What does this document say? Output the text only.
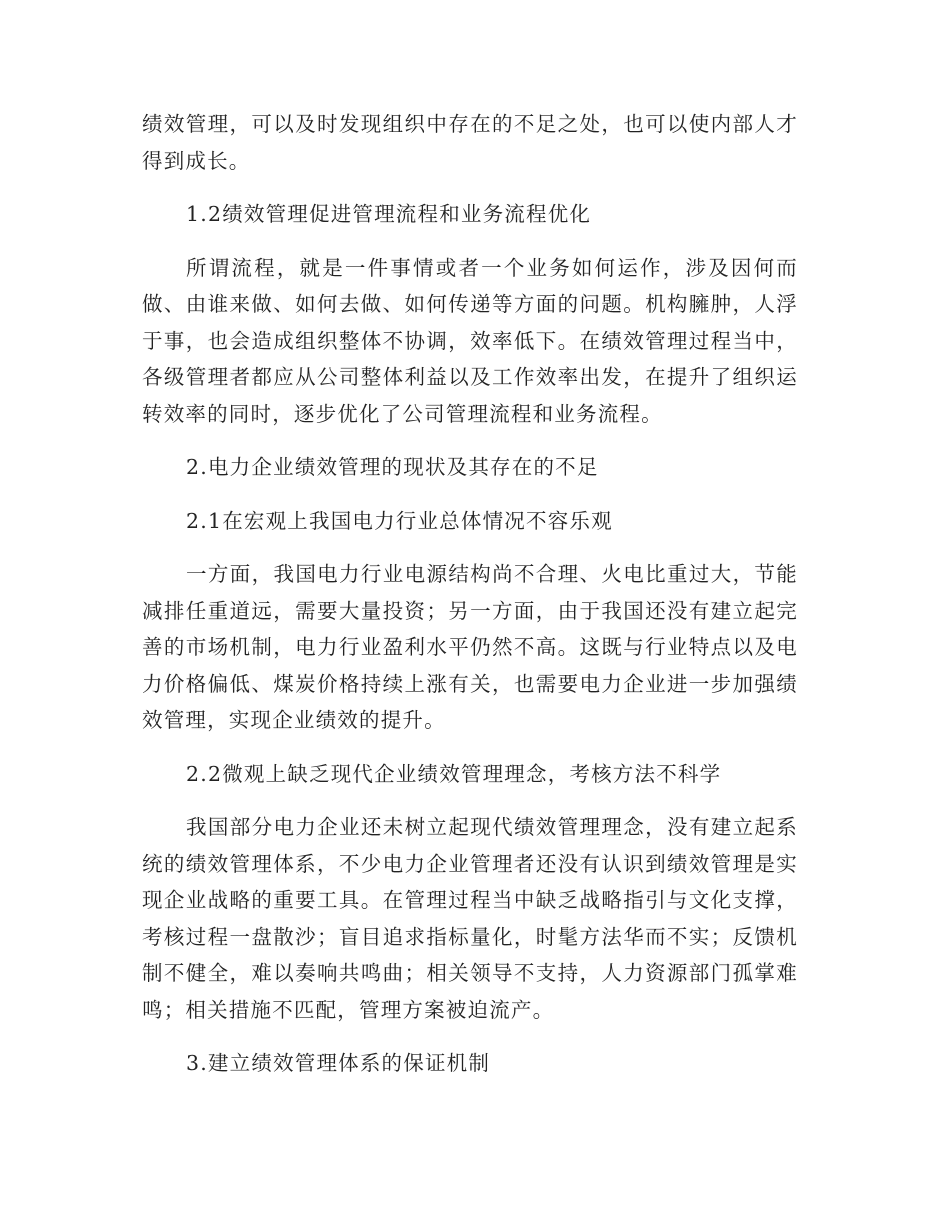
绩效管理，可以及时发现组织中存在的不足之处，也可以使内部人才得到成长。

1.2绩效管理促进管理流程和业务流程优化

所谓流程，就是一件事情或者一个业务如何运作，涉及因何而做、由谁来做、如何去做、如何传递等方面的问题。机构臃肿，人浮于事，也会造成组织整体不协调，效率低下。在绩效管理过程当中，各级管理者都应从公司整体利益以及工作效率出发，在提升了组织运转效率的同时，逐步优化了公司管理流程和业务流程。

2.电力企业绩效管理的现状及其存在的不足

2.1在宏观上我国电力行业总体情况不容乐观

一方面，我国电力行业电源结构尚不合理、火电比重过大，节能减排任重道远，需要大量投资；另一方面，由于我国还没有建立起完善的市场机制，电力行业盈利水平仍然不高。这既与行业特点以及电力价格偏低、煤炭价格持续上涨有关，也需要电力企业进一步加强绩效管理，实现企业绩效的提升。

2.2微观上缺乏现代企业绩效管理理念，考核方法不科学

我国部分电力企业还未树立起现代绩效管理理念，没有建立起系统的绩效管理体系，不少电力企业管理者还没有认识到绩效管理是实现企业战略的重要工具。在管理过程当中缺乏战略指引与文化支撑，考核过程一盘散沙；盲目追求指标量化，时髦方法华而不实；反馈机制不健全，难以奏响共鸣曲；相关领导不支持，人力资源部门孤掌难鸣；相关措施不匹配，管理方案被迫流产。

3.建立绩效管理体系的保证机制
